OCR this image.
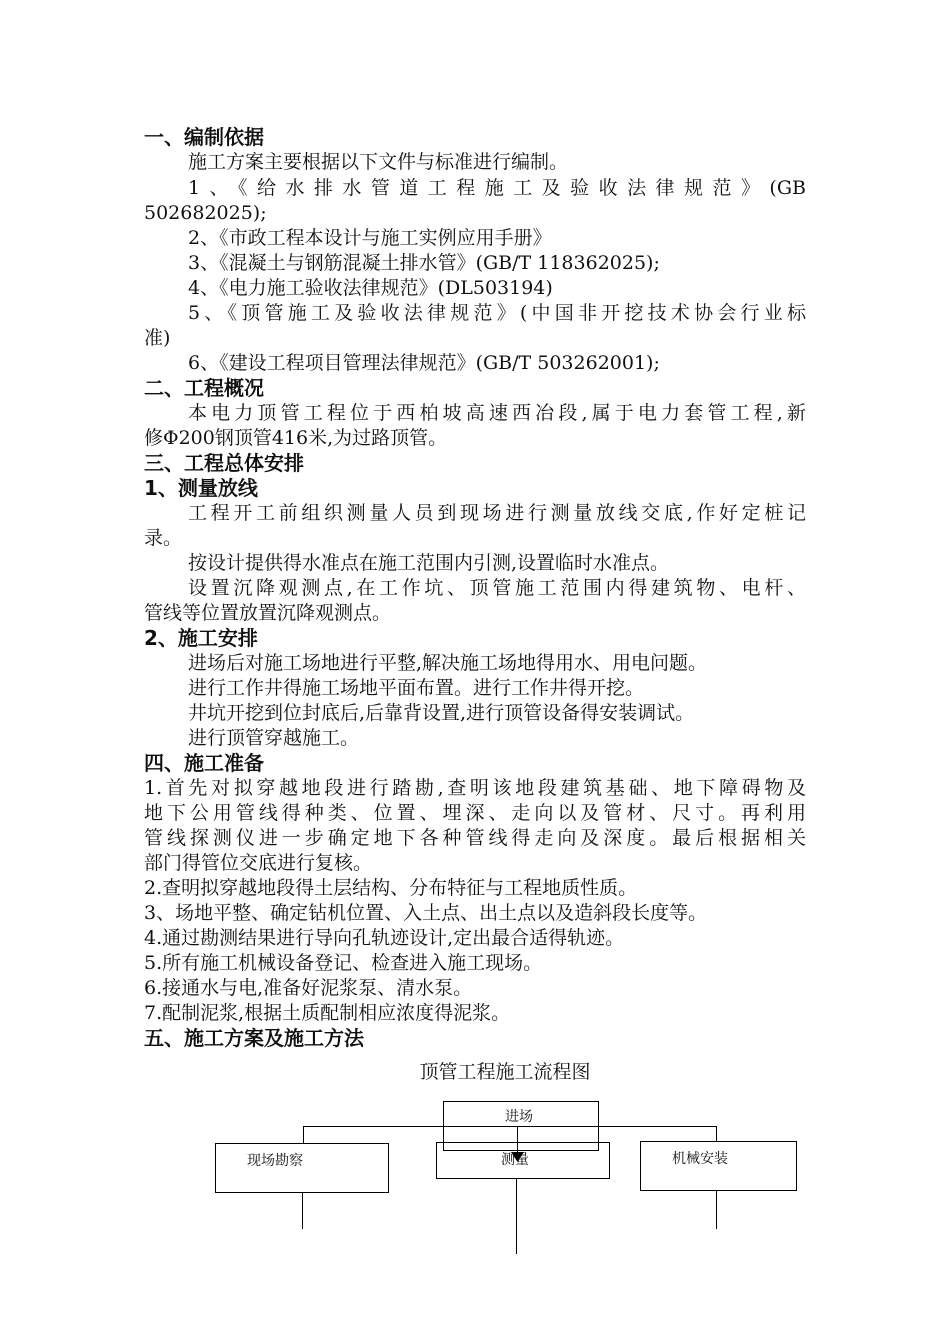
一、编制依据
施工方案主要根据以下文件与标准进行编制。
1、《给水排水管道工程施工及验收法律规范》(GB
502682025);
2、《市政工程本设计与施工实例应用手册》
3、《混凝土与钢筋混凝土排水管》(GB/T 118362025);
4、《电力施工验收法律规范》(DL503194)
5、《顶管施工及验收法律规范》(中国非开挖技术协会行业标
准)
6、《建设工程项目管理法律规范》(GB/T 503262001);
二、工程概况
本电力顶管工程位于西柏坡高速西冶段,属于电力套管工程,新
修Φ200钢顶管416米,为过路顶管。
三、工程总体安排
1、测量放线
工程开工前组织测量人员到现场进行测量放线交底,作好定桩记
录。
按设计提供得水准点在施工范围内引测,设置临时水准点。
设置沉降观测点,在工作坑、顶管施工范围内得建筑物、电杆、
管线等位置放置沉降观测点。
2、施工安排
进场后对施工场地进行平整,解决施工场地得用水、用电问题。
进行工作井得施工场地平面布置。进行工作井得开挖。
井坑开挖到位封底后,后靠背设置,进行顶管设备得安装调试。
进行顶管穿越施工。
四、施工准备
1.首先对拟穿越地段进行踏勘,查明该地段建筑基础、地下障碍物及
地下公用管线得种类、位置、埋深、走向以及管材、尺寸。再利用
管线探测仪进一步确定地下各种管线得走向及深度。最后根据相关
部门得管位交底进行复核。
2.查明拟穿越地段得土层结构、分布特征与工程地质性质。
3、场地平整、确定钻机位置、入土点、出土点以及造斜段长度等。
4.通过勘测结果进行导向孔轨迹设计,定出最合适得轨迹。
5.所有施工机械设备登记、检查进入施工现场。
6.接通水与电,准备好泥浆泵、清水泵。
7.配制泥浆,根据土质配制相应浓度得泥浆。
五、施工方案及施工方法
顶管工程施工流程图
进场
现场勘察	测量	机械安装
